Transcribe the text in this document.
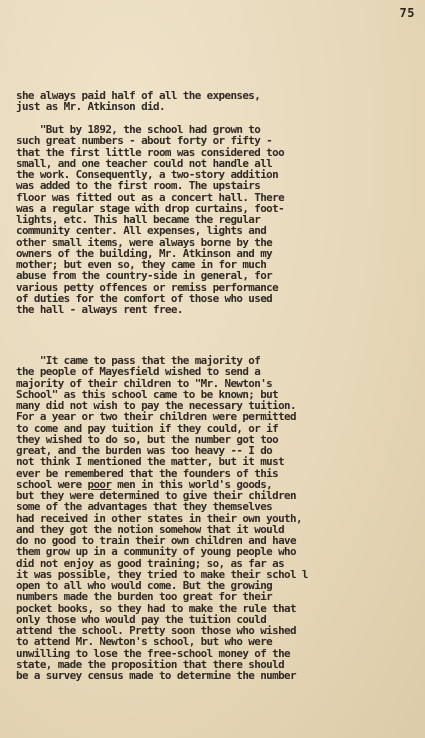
75
she always paid half of all the expenses,
just as Mr. Atkinson did.
"But by 1892, the school had grown to
such great numbers - about forty or fifty -
that the first little room was considered too
small, and one teacher could not handle all
the work. Consequently, a two-story addition
was added to the first room. The upstairs
floor was fitted out as a concert hall. There
was a regular stage with drop curtains, foot-
lights, etc. This hall became the regular
community center. All expenses, lights and
other small items, were always borne by the
owners of the building, Mr. Atkinson and my
mother; but even so, they came in for much
abuse from the country-side in general, for
various petty offences or remiss performance
of duties for the comfort of those who used
the hall - always rent free.
"It came to pass that the majority of
the people of Mayesfield wished to send a
majority of their children to "Mr. Newton's
School" as this school came to be known; but
many did not wish to pay the necessary tuition.
For a year or two their children were permitted
to come and pay tuition if they could, or if
they wished to do so, but the number got too
great, and the burden was too heavy -- I do
not think I mentioned the matter, but it must
ever be remembered that the founders of this
school were poor men in this world's goods,
but they were determined to give their children
some of the advantages that they themselves
had received in other states in their own youth,
and they got the notion somehow that it would
do no good to train their own children and have
them grow up in a community of young people who
did not enjoy as good training; so, as far as
it was possible, they tried to make their schol l
open to all who would come. But the growing
numbers made the burden too great for their
pocket books, so they had to make the rule that
only those who would pay the tuition could
attend the school. Pretty soon those who wished
to attend Mr. Newton's school, but who were
unwilling to lose the free-school money of the
state, made the proposition that there should
be a survey census made to determine the number
